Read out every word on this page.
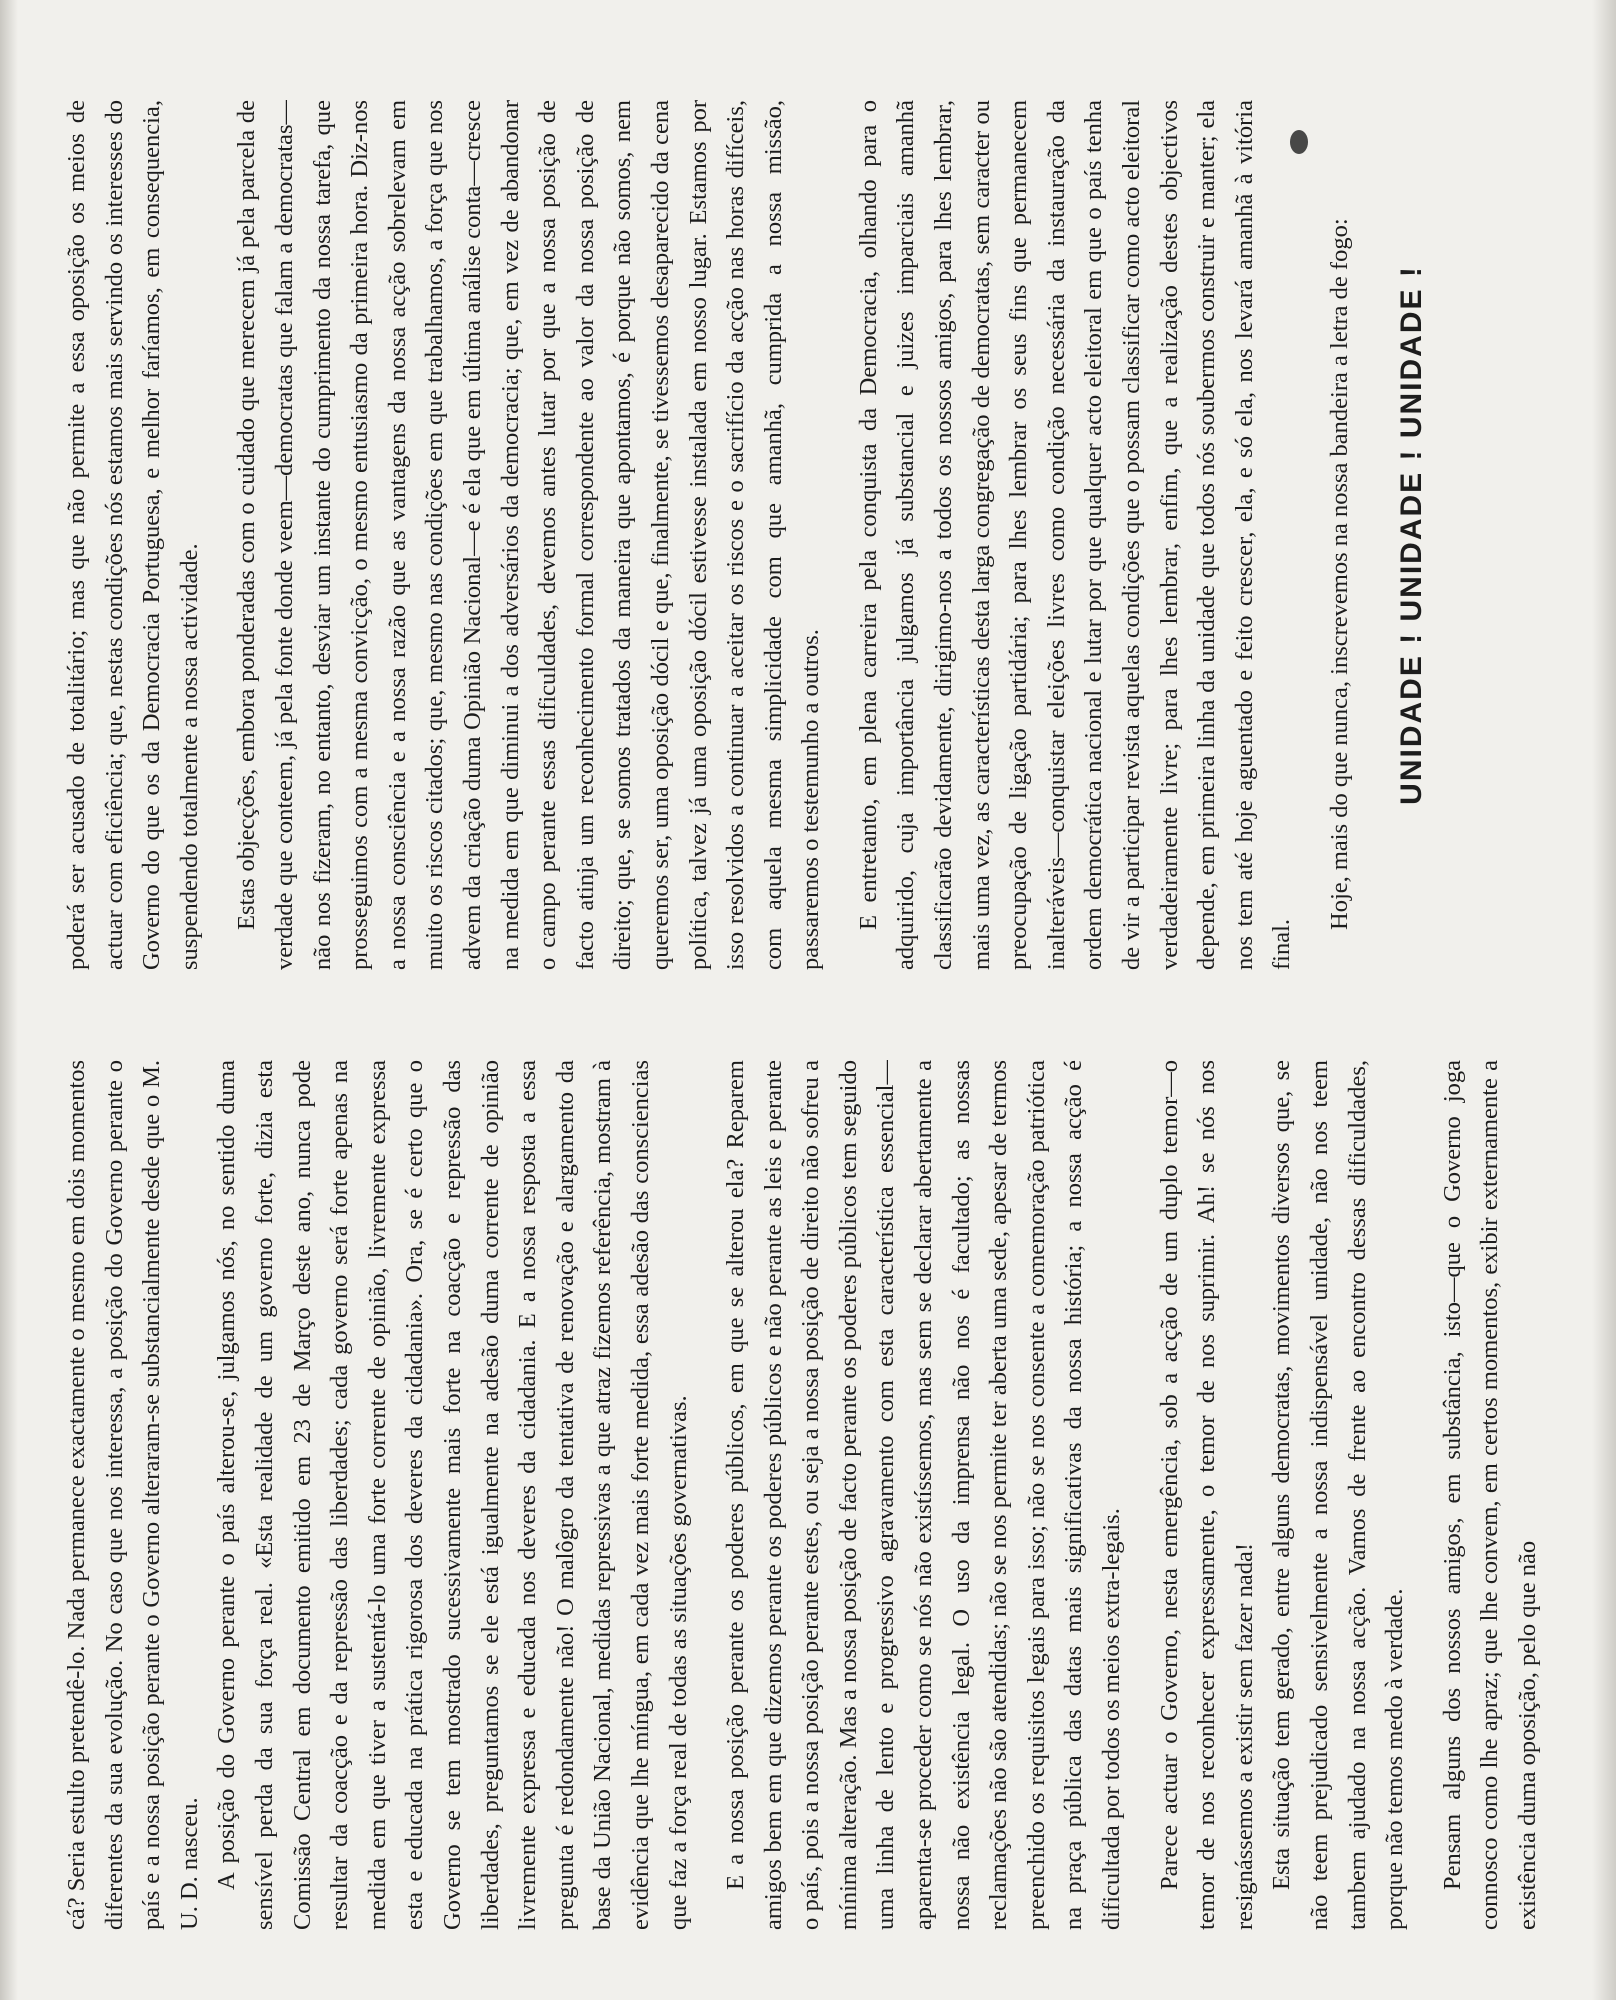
cá? Seria estulto pretendê-lo. Nada permanece exactamente o mesmo em dois momentos diferentes da sua evolução. No caso que nos interessa, a posição do Governo perante o país e a nossa posição perante o Governo alteraram-se substancialmente desde que o M. U. D. nasceu. A posição do Governo perante o país alterou-se, julgamos nós, no sentido duma sensível perda da sua força real. «Esta realidade de um governo forte, dizia esta Comissão Central em documento emitido em 23 de Março deste ano, nunca pode resultar da coacção e da repressão das liberdades; cada governo será forte apenas na medida em que tiver a sustentá-lo uma forte corrente de opinião, livremente expressa esta e educada na prática rigorosa dos deveres da cidadania». Ora, se é certo que o Governo se tem mostrado sucessivamente mais forte na coacção e repressão das liberdades, preguntamos se ele está igualmente na adesão duma corrente de opinião livremente expressa e educada nos deveres da cidadania. E a nossa resposta a essa pregunta é redondamente não! O malôgro da tentativa de renovação e alargamento da base da União Nacional, medidas repressivas a que atraz fizemos referência, mostram à evidência que lhe míngua, em cada vez mais forte medida, essa adesão das consciencias que faz a força real de todas as situações governativas. E a nossa posição perante os poderes públicos, em que se alterou ela? Reparem amigos bem em que dizemos perante os poderes públicos e não perante as leis e perante o país, pois a nossa posição perante estes, ou seja a nossa posição de direito não sofreu a mínima alteração. Mas a nossa posição de facto perante os poderes públicos tem seguido uma linha de lento e progressivo agravamento com esta característica essencial—aparenta-se proceder como se nós não existíssemos, mas sem se declarar abertamente a nossa não existência legal. O uso da imprensa não nos é facultado; as nossas reclamações não são atendidas; não se nos permite ter aberta uma sede, apesar de termos preenchido os requisitos legais para isso; não se nos consente a comemoração patriótica na praça pública das datas mais significativas da nossa história; a nossa acção é dificultada por todos os meios extra-legais. Parece actuar o Governo, nesta emergência, sob a acção de um duplo temor—o temor de nos reconhecer expressamente, o temor de nos suprimir. Ah! se nós nos resignássemos a existir sem fazer nada! Esta situação tem gerado, entre alguns democratas, movimentos diversos que, se não teem prejudicado sensivelmente a nossa indispensável unidade, não nos teem tambem ajudado na nossa acção. Vamos de frente ao encontro dessas dificuldades, porque não temos medo à verdade. Pensam alguns dos nossos amigos, em substância, isto—que o Governo joga connosco como lhe apraz; que lhe convem, em certos momentos, exibir externamente a existência duma oposição, pelo que não

poderá ser acusado de totalitário; mas que não permite a essa oposição os meios de actuar com eficiência; que, nestas condições nós estamos mais servindo os interesses do Governo do que os da Democracia Portuguesa, e melhor faríamos, em consequencia, suspendendo totalmente a nossa actividade. Estas objecções, embora ponderadas com o cuidado que merecem já pela parcela de verdade que conteem, já pela fonte donde veem—democratas que falam a democratas—não nos fizeram, no entanto, desviar um instante do cumprimento da nossa tarefa, que prosseguimos com a mesma convicção, o mesmo entusiasmo da primeira hora. Diz-nos a nossa consciência e a nossa razão que as vantagens da nossa acção sobrelevam em muito os riscos citados; que, mesmo nas condições em que trabalhamos, a força que nos advem da criação duma Opinião Nacional—e é ela que em última análise conta—cresce na medida em que diminui a dos adversários da democracia; que, em vez de abandonar o campo perante essas dificuldades, devemos antes lutar por que a nossa posição de facto atinja um reconhecimento formal correspondente ao valor da nossa posição de direito; que, se somos tratados da maneira que apontamos, é porque não somos, nem queremos ser, uma oposição dócil e que, finalmente, se tivessemos desaparecido da cena política, talvez já uma oposição dócil estivesse instalada em nosso lugar. Estamos por isso resolvidos a continuar a aceitar os riscos e o sacrifício da acção nas horas difíceis, com aquela mesma simplicidade com que amanhã, cumprida a nossa missão, passaremos o testemunho a outros. E entretanto, em plena carreira pela conquista da Democracia, olhando para o adquirido, cuja importância julgamos já substancial e juizes imparciais amanhã classificarão devidamente, dirigimo-nos a todos os nossos amigos, para lhes lembrar, mais uma vez, as características desta larga congregação de democratas, sem caracter ou preocupação de ligação partidária; para lhes lembrar os seus fins que permanecem inalteráveis—conquistar eleições livres como condição necessária da instauração da ordem democrática nacional e lutar por que qualquer acto eleitoral em que o país tenha de vir a participar revista aquelas condições que o possam classificar como acto eleitoral verdadeiramente livre; para lhes lembrar, enfim, que a realização destes objectivos depende, em primeira linha da unidade que todos nós soubermos construir e manter; ela nos tem até hoje aguentado e feito crescer, ela, e só ela, nos levará amanhã à vitória final.

Hoje, mais do que nunca, inscrevemos na nossa bandeira a letra de fogo: UNIDADE ! UNIDADE ! UNIDADE !
